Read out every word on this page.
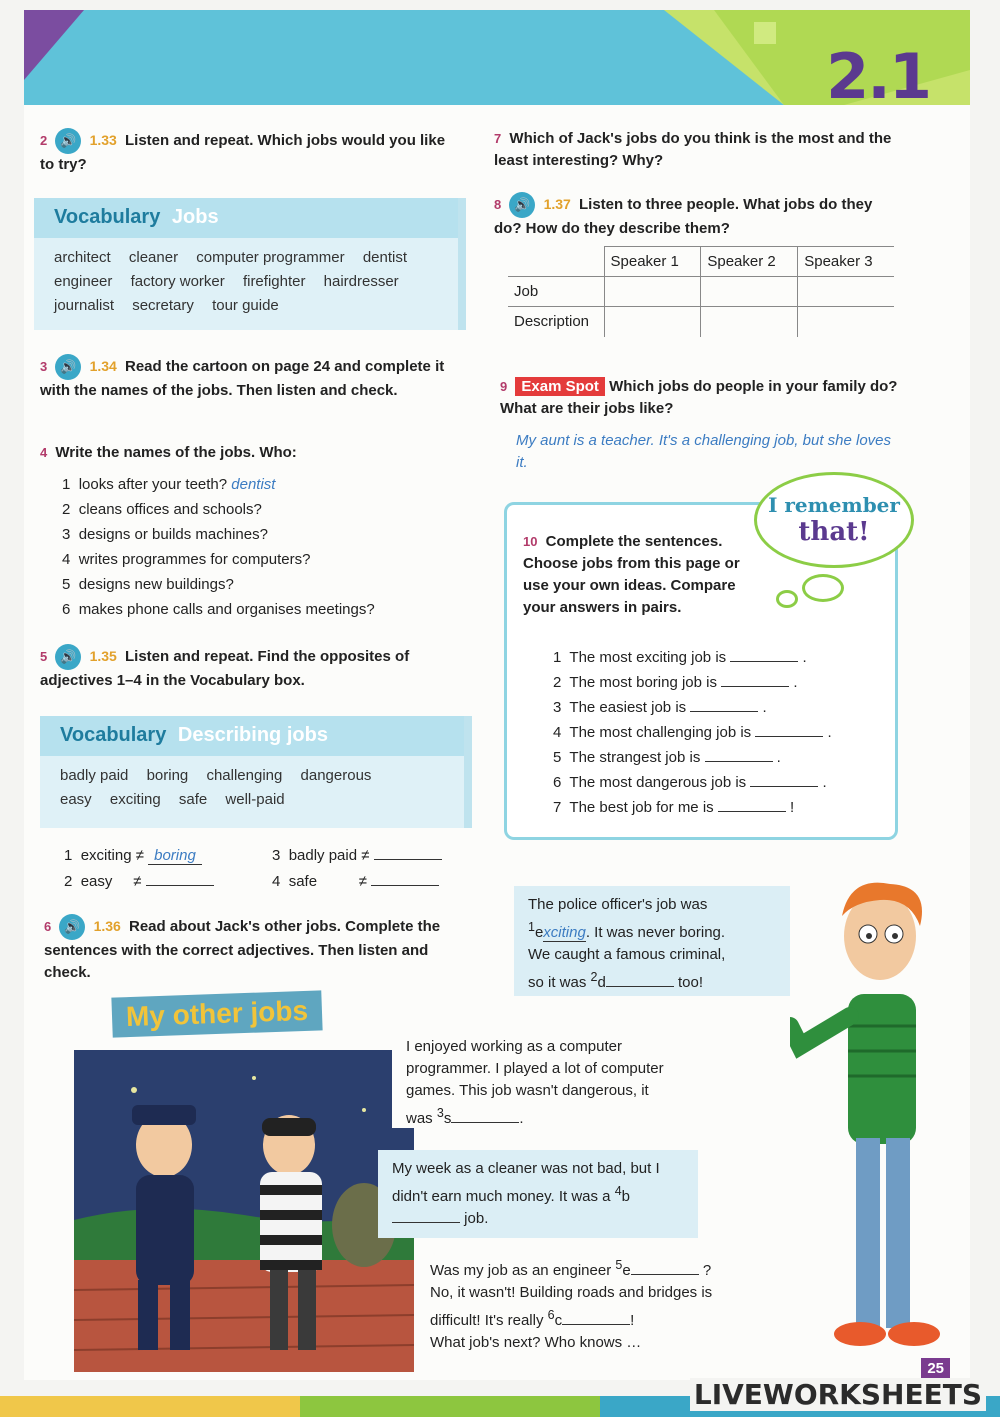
2.1
2 🔊 1.33 Listen and repeat. Which jobs would you like to try?
Vocabulary Jobs
architect cleaner computer programmer dentist
engineer factory worker firefighter hairdresser
journalist secretary tour guide
3 🔊 1.34 Read the cartoon on page 24 and complete it with the names of the jobs. Then listen and check.
4 Write the names of the jobs. Who:
1 looks after your teeth? dentist
2 cleans offices and schools?
3 designs or builds machines?
4 writes programmes for computers?
5 designs new buildings?
6 makes phone calls and organises meetings?
5 🔊 1.35 Listen and repeat. Find the opposites of adjectives 1–4 in the Vocabulary box.
Vocabulary Describing jobs
badly paid boring challenging dangerous
easy exciting safe well-paid
1 exciting ≠ boring
2 easy ≠
3 badly paid ≠
4 safe	≠
6 🔊 1.36 Read about Jack's other jobs. Complete the sentences with the correct adjectives. Then listen and check.
7 Which of Jack's jobs do you think is the most and the least interesting? Why?
8 🔊 1.37 Listen to three people. What jobs do they do? How do they describe them?
	Speaker 1	Speaker 2	Speaker 3
Job			
Description			
9 Exam Spot Which jobs do people in your family do? What are their jobs like?
My aunt is a teacher. It's a challenging job, but she loves it.
10 Complete the sentences. Choose jobs from this page or use your own ideas. Compare your answers in pairs.
1 The most exciting job is	.
2 The most boring job is	.
3 The easiest job is	.
4 The most challenging job is	.
5 The strangest job is	.
6 The most dangerous job is	.
7 The best job for me is	!
I remember
that!
My other jobs
The police officer's job was
$^1$exciting. It was never boring.
We caught a famous criminal,
so it was $^2$d	too!
I enjoyed working as a computer programmer. I played a lot of computer games. This job wasn't dangerous, it was $^3$s	.
My week as a cleaner was not bad, but I didn't earn much money. It was a $^4$b job.
Was my job as an engineer $^5$e	?
No, it wasn't! Building roads and bridges is difficult! It's really $^6$c	!
What job's next? Who knows …
25
LIVEWORKSHEETS
